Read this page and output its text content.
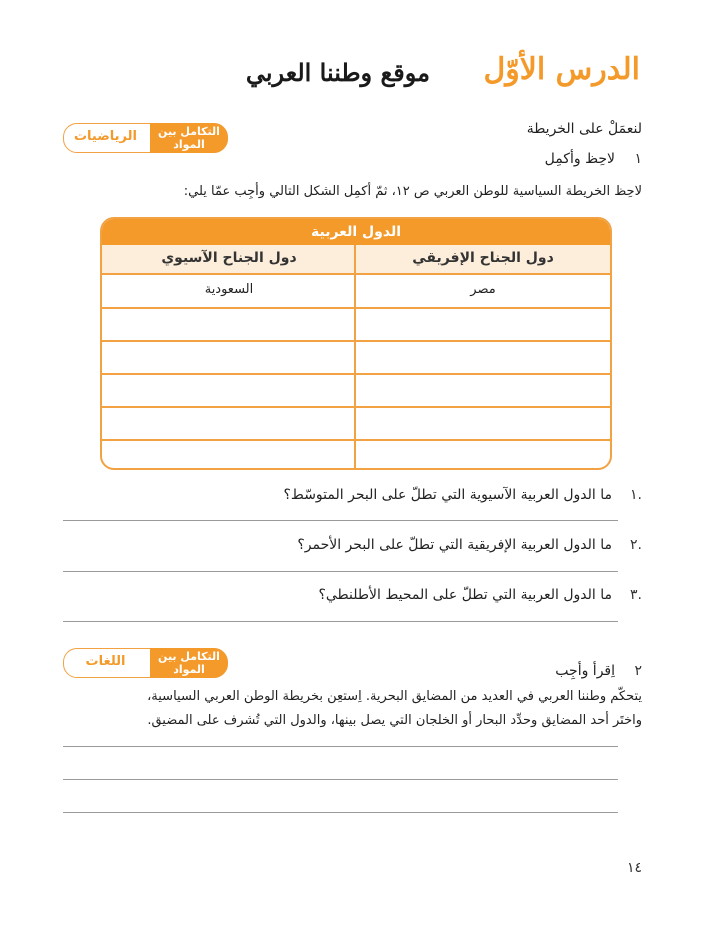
الدرس الأوّل
موقع وطننا العربي
التكامل بين المواد
الرياضيات	لنعمَلْ على الخريطة
١
لاحِظ وأكمِل
لاحِظ الخريطة السياسية للوطن العربي ص ١٢، ثمّ أكمِل الشكل التالي وأجِب عمّا يلي:
الدول العربية
دول الجناح الإفريقي
دول الجناح الآسيوي
مصر
السعودية
١.
ما الدول العربية الآسيوية التي تطلّ على البحر المتوسّط؟
٢.
ما الدول العربية الإفريقية التي تطلّ على البحر الأحمر؟
٣.
ما الدول العربية التي تطلّ على المحيط الأطلنطي؟
التكامل بين المواد
اللغات
٢
اِقرأ وأجِب
يتحكّم وطننا العربي في العديد من المضايق البحرية. اِستعِن بخريطة الوطن العربي السياسية،
واختَر أحد المضايق وحدِّد البحار أو الخلجان التي يصل بينها، والدول التي تُشرف على المضيق.
١٤
